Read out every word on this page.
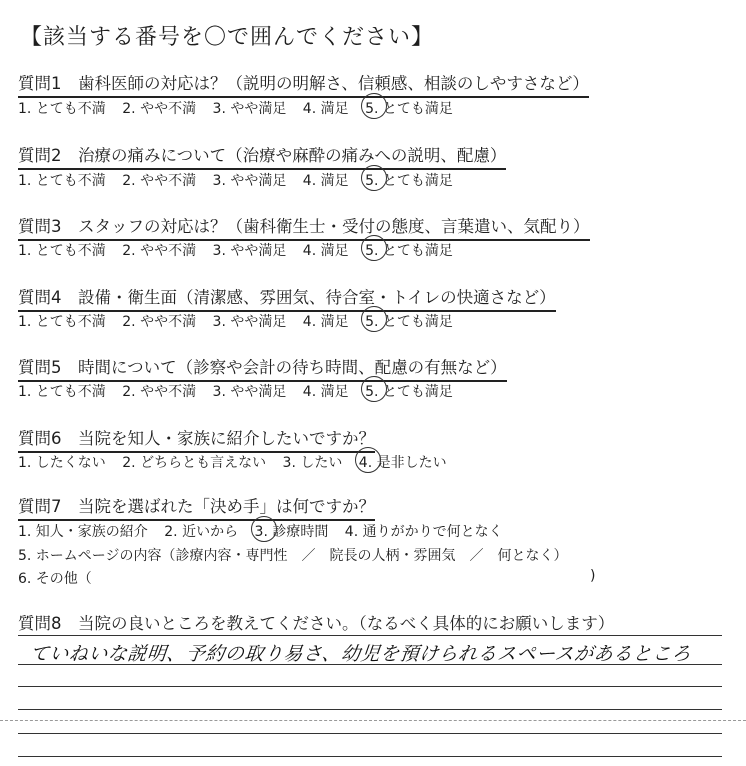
【該当する番号を〇で囲んでください】
質問1　歯科医師の対応は？（説明の明解さ、信頼感、相談のしやすさなど）
1. とても不満 2. やや不満 3. やや満足 4. 満足 5. とても満足
質問2　治療の痛みについて（治療や麻酔の痛みへの説明、配慮）
1. とても不満 2. やや不満 3. やや満足 4. 満足 5. とても満足
質問3　スタッフの対応は？（歯科衛生士・受付の態度、言葉遣い、気配り）
1. とても不満 2. やや不満 3. やや満足 4. 満足 5. とても満足
質問4　設備・衛生面（清潔感、雰囲気、待合室・トイレの快適さなど）
1. とても不満 2. やや不満 3. やや満足 4. 満足 5. とても満足
質問5　時間について（診察や会計の待ち時間、配慮の有無など）
1. とても不満 2. やや不満 3. やや満足 4. 満足 5. とても満足
質問6　当院を知人・家族に紹介したいですか？
1. したくない 2. どちらとも言えない 3. したい 4. 是非したい
質問7　当院を選ばれた「決め手」は何ですか？
1. 知人・家族の紹介 2. 近いから 3. 診療時間 4. 通りがかりで何となく
5. ホームページの内容（診療内容・専門性　／　院長の人柄・雰囲気　／　何となく）
6. その他（	)
質問8　当院の良いところを教えてください。（なるべく具体的にお願いします）
ていねいな説明、予約の取り易さ、幼児を預けられるスペースがあるところ
